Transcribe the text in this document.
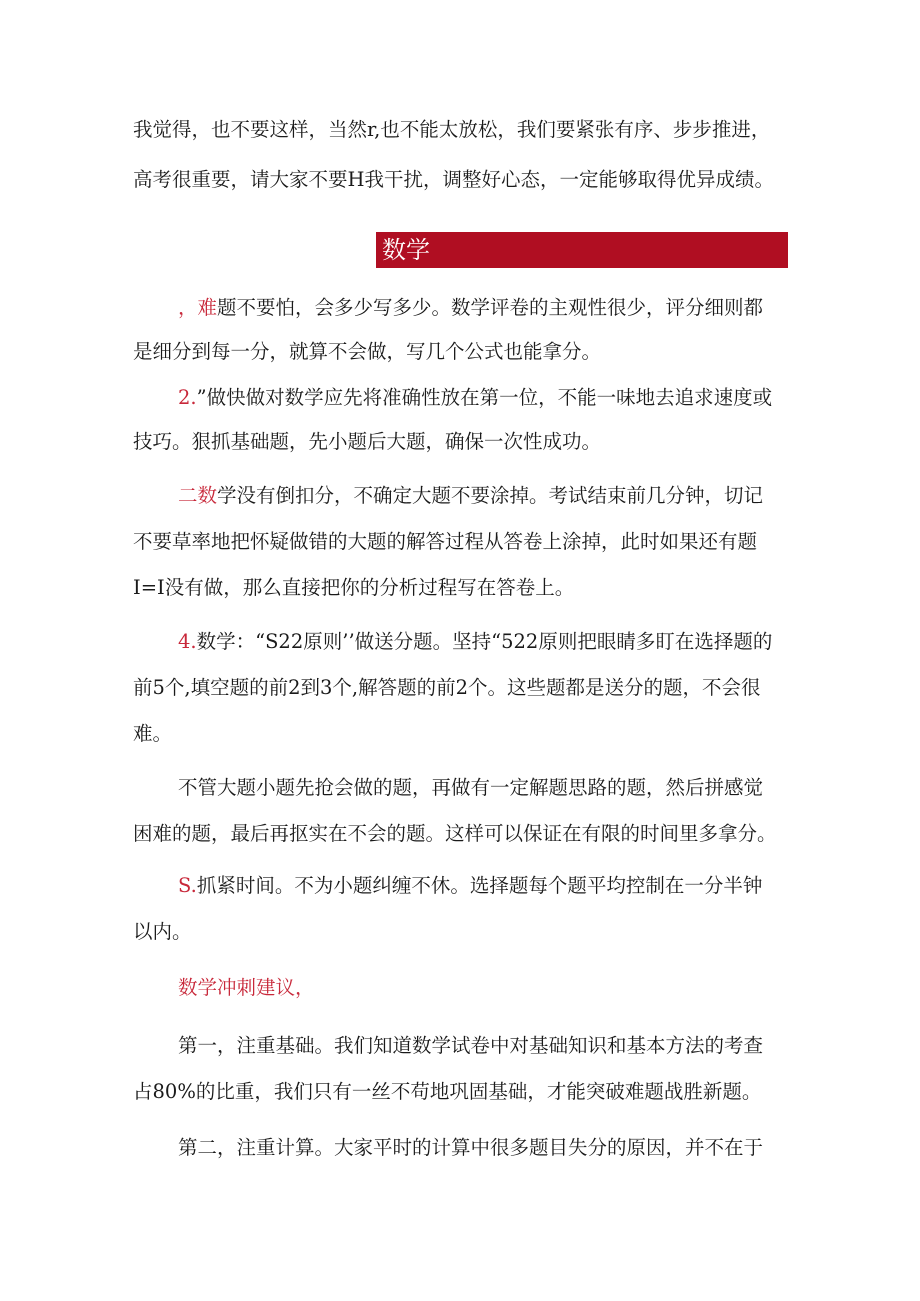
我觉得，也不要这样，当然r,也不能太放松，我们要紧张有序、步步推进，

高考很重要，请大家不要H我干扰，调整好心态，一定能够取得优异成绩。

数学

，难题不要怕，会多少写多少。数学评卷的主观性很少，评分细则都

是细分到每一分，就算不会做，写几个公式也能拿分。

2.”做快做对数学应先将准确性放在第一位，不能一味地去追求速度或

技巧。狠抓基础题，先小题后大题，确保一次性成功。

二数学没有倒扣分，不确定大题不要涂掉。考试结束前几分钟，切记

不要草率地把怀疑做错的大题的解答过程从答卷上涂掉，此时如果还有题

I=I没有做，那么直接把你的分析过程写在答卷上。

4.数学：“S22原则’’做送分题。坚持“522原则把眼睛多盯在选择题的

前5个,填空题的前2到3个,解答题的前2个。这些题都是送分的题，不会很

难。

不管大题小题先抢会做的题，再做有一定解题思路的题，然后拼感觉

困难的题，最后再抠实在不会的题。这样可以保证在有限的时间里多拿分。

S.抓紧时间。不为小题纠缠不休。选择题每个题平均控制在一分半钟

以内。

数学冲刺建议，

第一，注重基础。我们知道数学试卷中对基础知识和基本方法的考查

占80%的比重，我们只有一丝不苟地巩固基础，才能突破难题战胜新题。

第二，注重计算。大家平时的计算中很多题目失分的原因，并不在于
